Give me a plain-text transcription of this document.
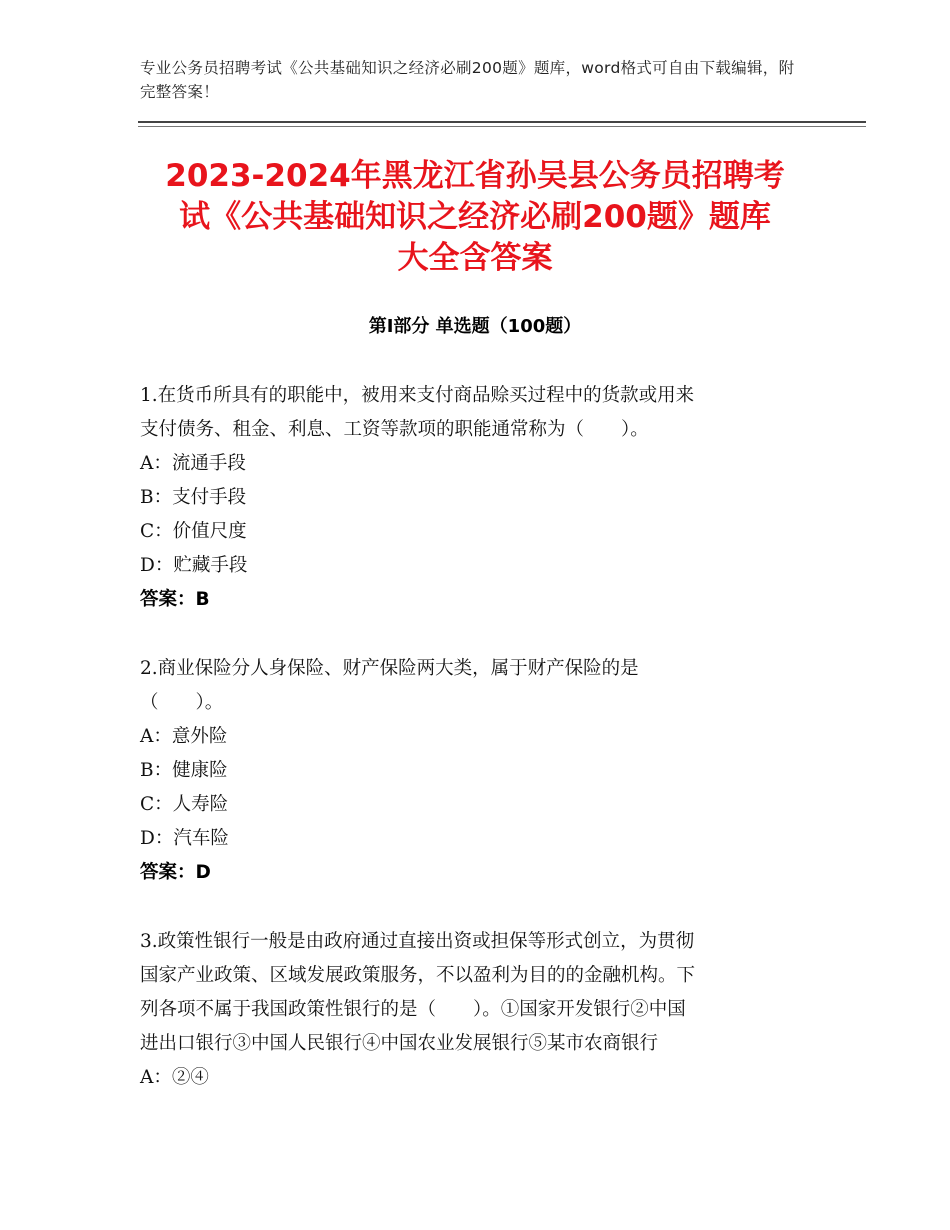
专业公务员招聘考试《公共基础知识之经济必刷200题》题库，word格式可自由下载编辑，附完整答案！
2023-2024年黑龙江省孙吴县公务员招聘考
试《公共基础知识之经济必刷200题》题库
大全含答案
第Ⅰ部分 单选题（100题）
1.在货币所具有的职能中，被用来支付商品赊买过程中的货款或用来
支付债务、租金、利息、工资等款项的职能通常称为（　　）。
A：流通手段
B：支付手段
C：价值尺度
D：贮藏手段
答案：B
2.商业保险分人身保险、财产保险两大类，属于财产保险的是
（　　）。
A：意外险
B：健康险
C：人寿险
D：汽车险
答案：D
3.政策性银行一般是由政府通过直接出资或担保等形式创立，为贯彻
国家产业政策、区域发展政策服务，不以盈利为目的的金融机构。下
列各项不属于我国政策性银行的是（　　）。①国家开发银行②中国
进出口银行③中国人民银行④中国农业发展银行⑤某市农商银行
A：②④
